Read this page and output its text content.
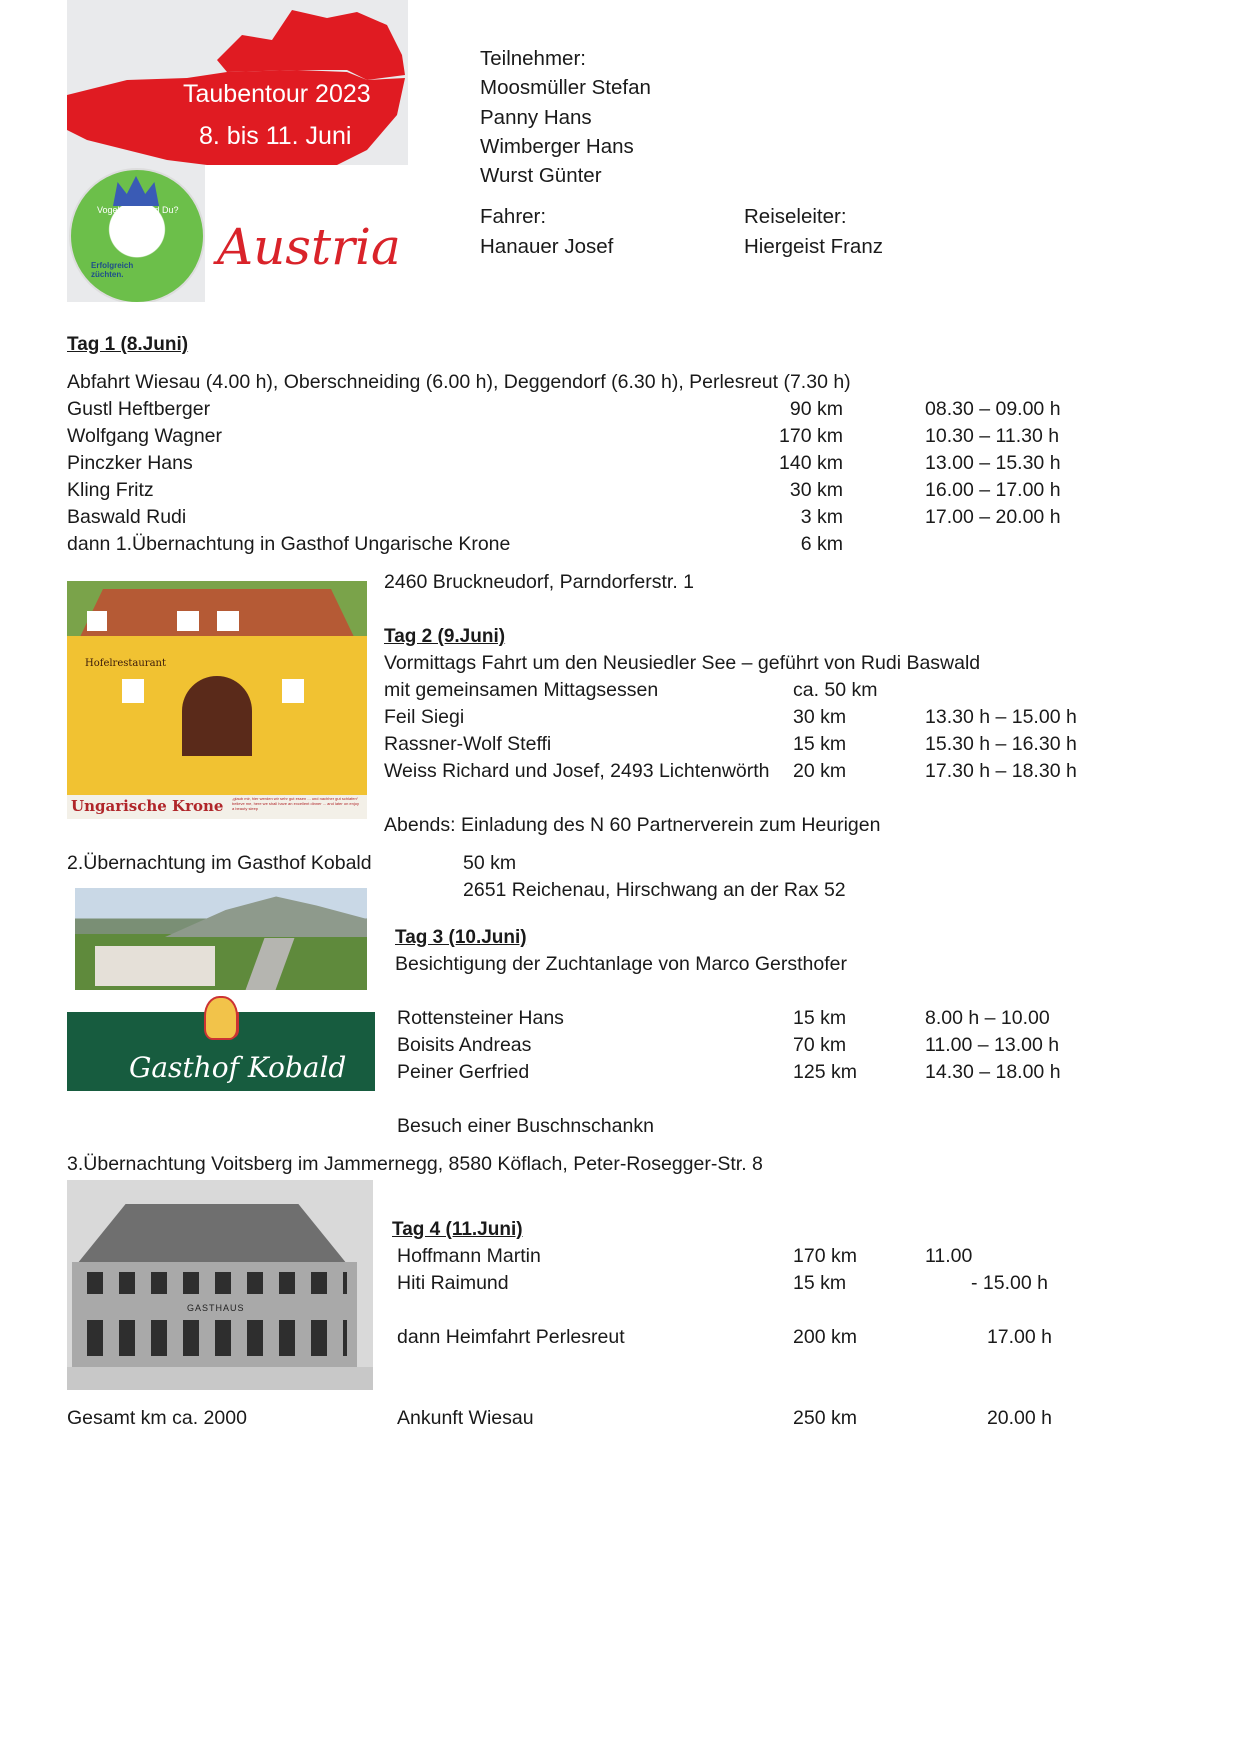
Taubentour 2023
8. bis 11. Juni
Vogelwuid. Und Du?
Erfolgreich züchten. Austria
Teilnehmer:
Moosmüller Stefan
Panny Hans
Wimberger Hans
Wurst Günter
Fahrer:
Hanauer Josef
Reiseleiter:
Hiergeist Franz
Tag 1 (8.Juni)
Abfahrt Wiesau (4.00 h), Oberschneiding (6.00 h), Deggendorf (6.30 h), Perlesreut (7.30 h)
Gustl Heftberger	90 km	08.30 – 09.00 h
Wolfgang Wagner	170 km	10.30 – 11.30 h
Pinczker Hans	140 km	13.00 – 15.30 h
Kling Fritz	30 km	16.00 – 17.00 h
Baswald Rudi	3 km	17.00 – 20.00 h
dann 1.Übernachtung in Gasthof Ungarische Krone	6 km
Hofelrestaurant
Ungarische Krone „glaub mir, hier werden wir sehr gut essen ... und nachher gut schlafen“ believe me, here we shall have an excellent dinner ... and later on enjoy a beauty sleep
2460 Bruckneudorf, Parndorferstr. 1
Tag 2 (9.Juni)
Vormittags Fahrt um den Neusiedler See – geführt von Rudi Baswald
mit gemeinsamen Mittagsessen	ca. 50 km
Feil Siegi	30 km	13.30 h – 15.00 h
Rassner-Wolf Steffi	15 km	15.30 h – 16.30 h
Weiss Richard und Josef, 2493 Lichtenwörth 20 km	17.30 h – 18.30 h
Abends: Einladung des N 60 Partnerverein zum Heurigen
2.Übernachtung im Gasthof Kobald	50 km
2651 Reichenau, Hirschwang an der Rax 52
Gasthof Kobald
Tag 3 (10.Juni)
Besichtigung der Zuchtanlage von Marco Gersthofer
Rottensteiner Hans	15 km	8.00 h – 10.00
Boisits Andreas	70 km	11.00 – 13.00 h
Peiner Gerfried	125 km	14.30 – 18.00 h
Besuch einer Buschnschankn
3.Übernachtung Voitsberg im Jammernegg, 8580 Köflach, Peter-Rosegger-Str. 8
GASTHAUS
Tag 4 (11.Juni)
Hoffmann Martin	170 km	11.00
Hiti Raimund	15 km	- 15.00 h
dann Heimfahrt Perlesreut	200 km	17.00 h
Gesamt km ca. 2000	Ankunft Wiesau	250 km	20.00 h
